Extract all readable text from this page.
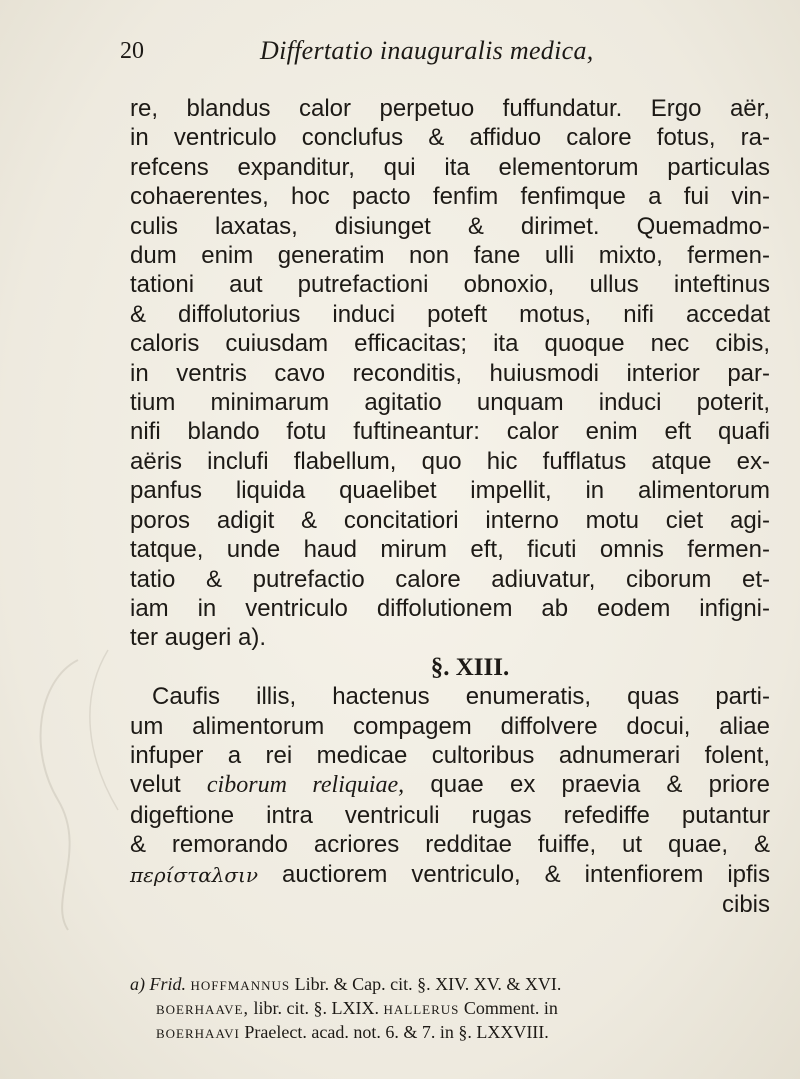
20	Differtatio inauguralis medica,
re, blandus calor perpetuo fuffundatur. Ergo aër,
in ventriculo conclufus & affiduo calore fotus, ra-
refcens expanditur, qui ita elementorum particulas
cohaerentes, hoc pacto fenfim fenfimque a fui vin-
culis laxatas, disiunget & dirimet. Quemadmo-
dum enim generatim non fane ulli mixto, fermen-
tationi aut putrefactioni obnoxio, ullus inteftinus
& diffolutorius induci poteft motus, nifi accedat
caloris cuiusdam efficacitas; ita quoque nec cibis,
in ventris cavo reconditis, huiusmodi interior par-
tium minimarum agitatio unquam induci poterit,
nifi blando fotu fuftineantur: calor enim eft quafi
aëris inclufi flabellum, quo hic fufflatus atque ex-
panfus liquida quaelibet impellit, in alimentorum
poros adigit & concitatiori interno motu ciet agi-
tatque, unde haud mirum eft, ficuti omnis fermen-
tatio & putrefactio calore adiuvatur, ciborum et-
iam in ventriculo diffolutionem ab eodem infigni-
ter augeri a).
§. XIII.
Caufis illis, hactenus enumeratis, quas parti-
um alimentorum compagem diffolvere docui, aliae
infuper a rei medicae cultoribus adnumerari folent,
velut ciborum reliquiae, quae ex praevia & priore
digeftione intra ventriculi rugas refediffe putantur
& remorando acriores redditae fuiffe, ut quae, &
περίσταλσιν auctiorem ventriculo, & intenfiorem ipfis
cibis
a) Frid. hoffmannus Libr. & Cap. cit. §. XIV. XV. & XVI.
boerhaave, libr. cit. §. LXIX. hallerus Comment. in
boerhaavi Praelect. acad. not. 6. & 7. in §. LXXVIII.
